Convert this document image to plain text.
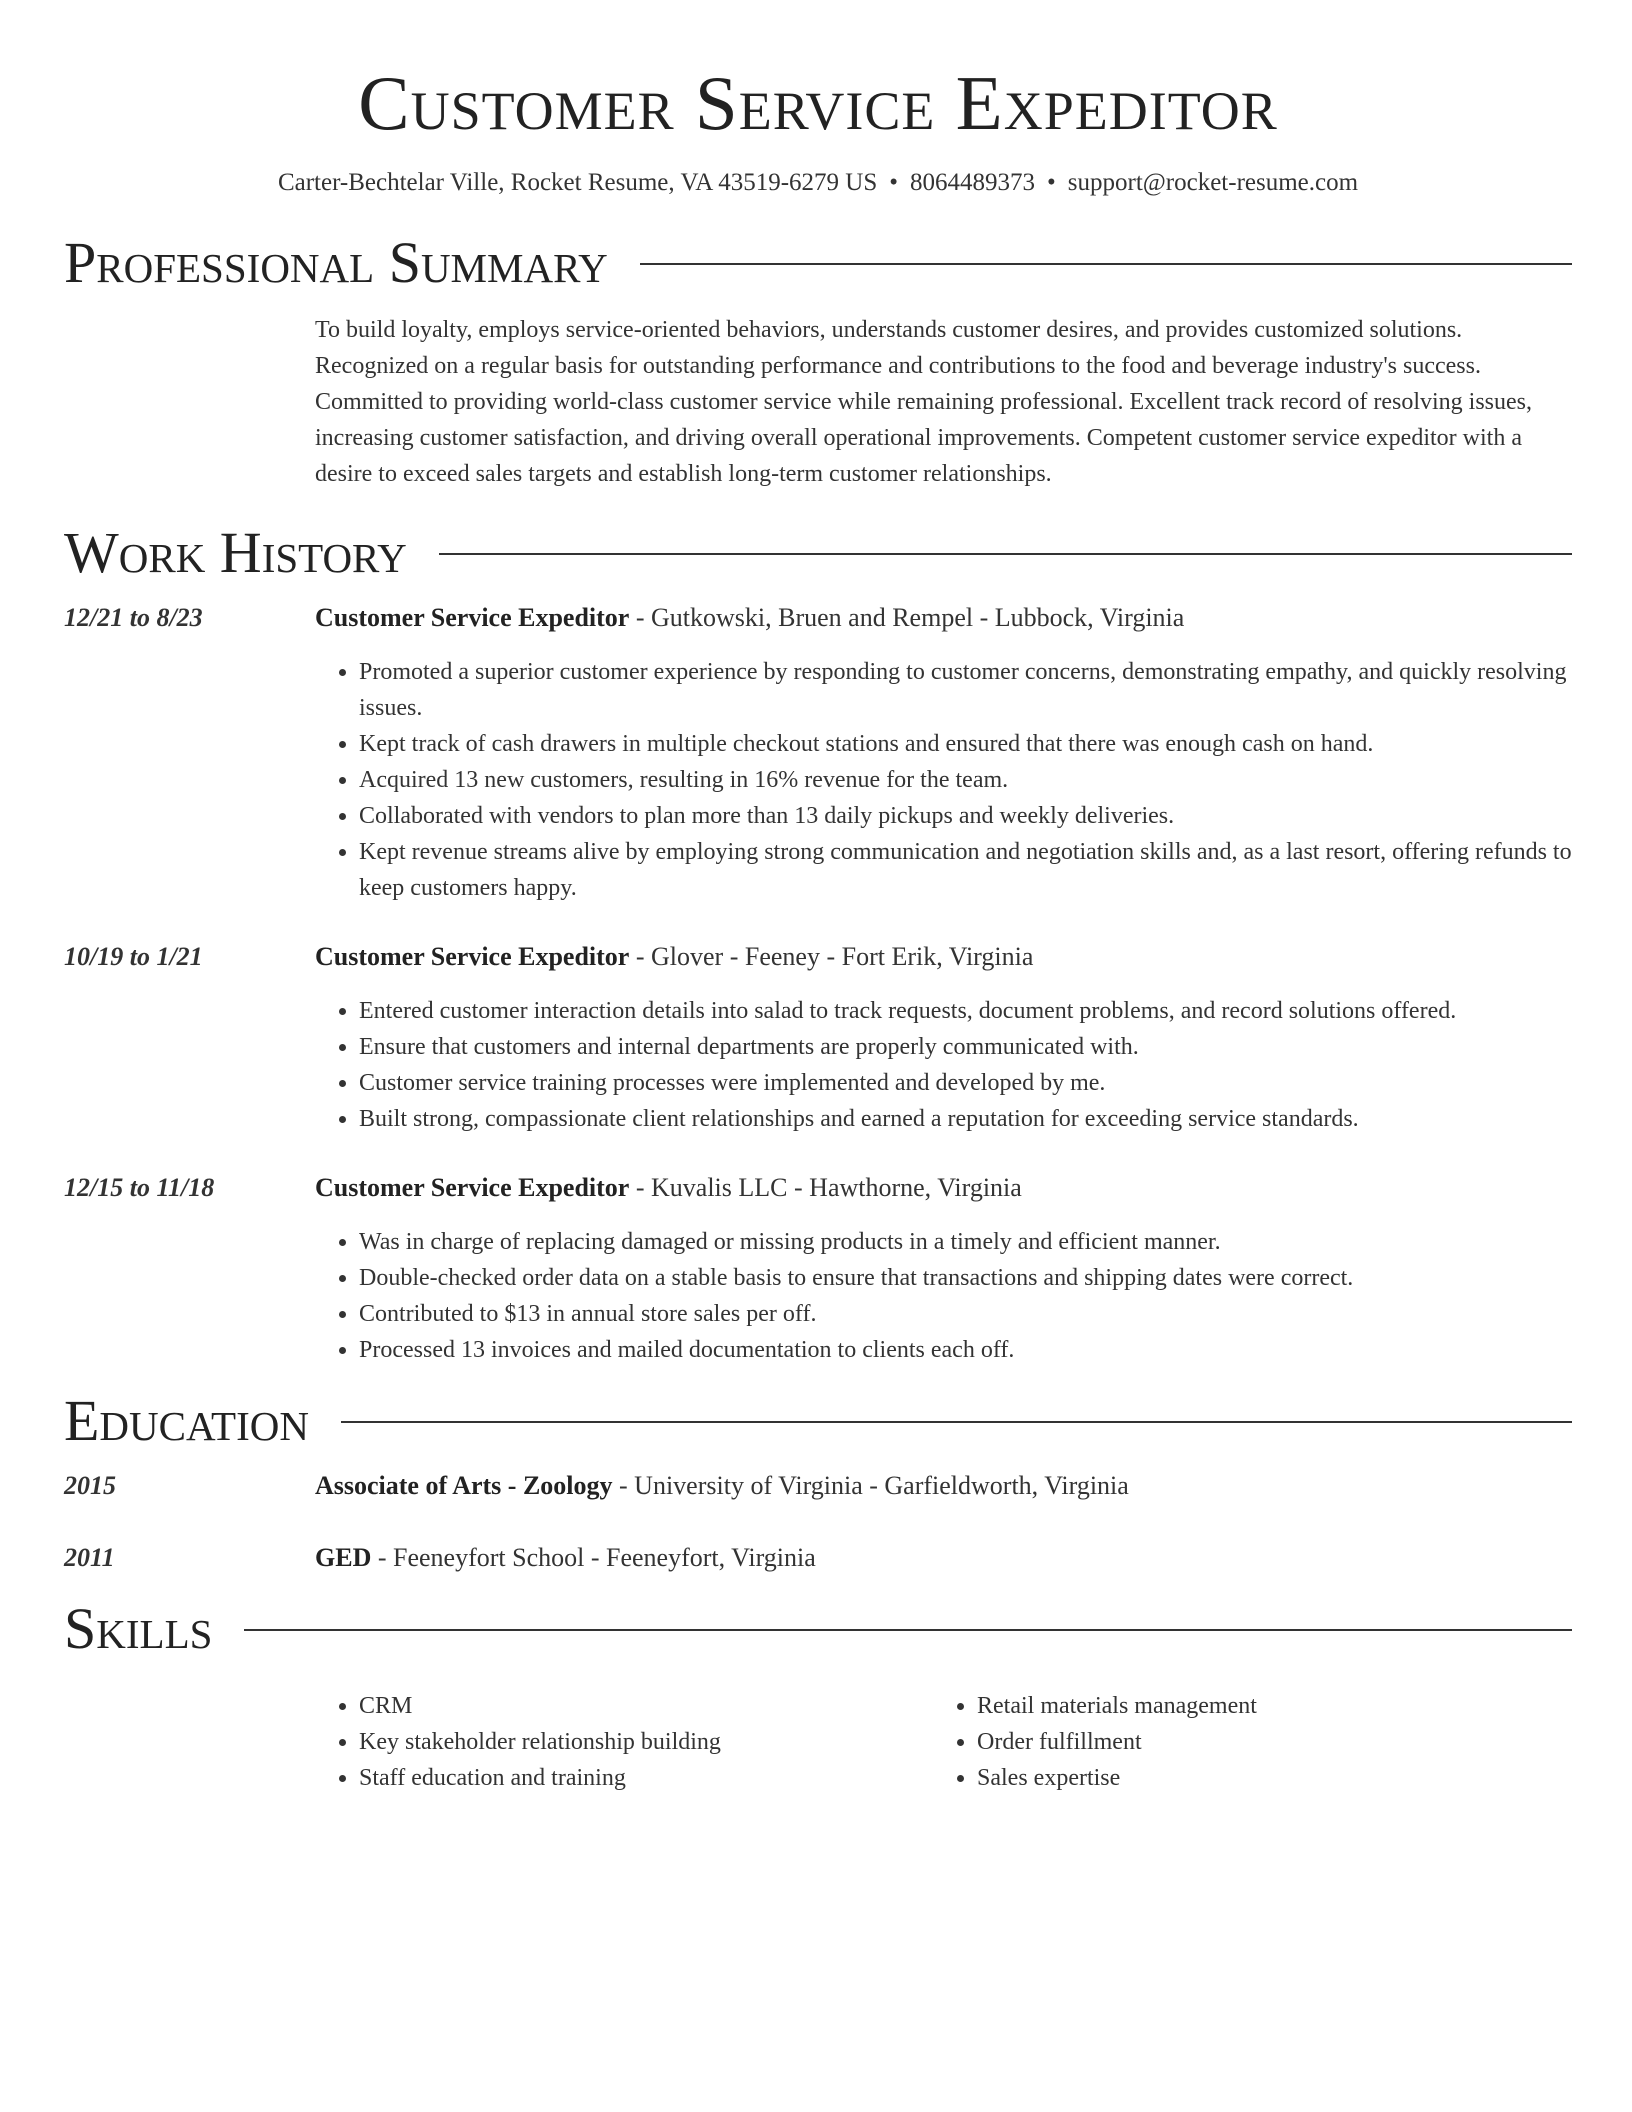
Customer Service Expeditor
Carter-Bechtelar Ville, Rocket Resume, VA 43519-6279 US • 8064489373 • support@rocket-resume.com
Professional Summary
To build loyalty, employs service-oriented behaviors, understands customer desires, and provides customized solutions. Recognized on a regular basis for outstanding performance and contributions to the food and beverage industry's success. Committed to providing world-class customer service while remaining professional. Excellent track record of resolving issues, increasing customer satisfaction, and driving overall operational improvements. Competent customer service expeditor with a desire to exceed sales targets and establish long-term customer relationships.
Work History
12/21 to 8/23	Customer Service Expeditor - Gutkowski, Bruen and Rempel - Lubbock, Virginia
• Promoted a superior customer experience by responding to customer concerns, demonstrating empathy, and quickly resolving issues.
• Kept track of cash drawers in multiple checkout stations and ensured that there was enough cash on hand.
• Acquired 13 new customers, resulting in 16% revenue for the team.
• Collaborated with vendors to plan more than 13 daily pickups and weekly deliveries.
• Kept revenue streams alive by employing strong communication and negotiation skills and, as a last resort, offering refunds to keep customers happy.
10/19 to 1/21	Customer Service Expeditor - Glover - Feeney - Fort Erik, Virginia
• Entered customer interaction details into salad to track requests, document problems, and record solutions offered.
• Ensure that customers and internal departments are properly communicated with.
• Customer service training processes were implemented and developed by me.
• Built strong, compassionate client relationships and earned a reputation for exceeding service standards.
12/15 to 11/18	Customer Service Expeditor - Kuvalis LLC - Hawthorne, Virginia
• Was in charge of replacing damaged or missing products in a timely and efficient manner.
• Double-checked order data on a stable basis to ensure that transactions and shipping dates were correct.
• Contributed to $13 in annual store sales per off.
• Processed 13 invoices and mailed documentation to clients each off.
Education
2015	Associate of Arts - Zoology - University of Virginia - Garfieldworth, Virginia
2011	GED - Feeneyfort School - Feeneyfort, Virginia
Skills
• CRM
• Key stakeholder relationship building
• Staff education and training
• Retail materials management
• Order fulfillment
• Sales expertise
